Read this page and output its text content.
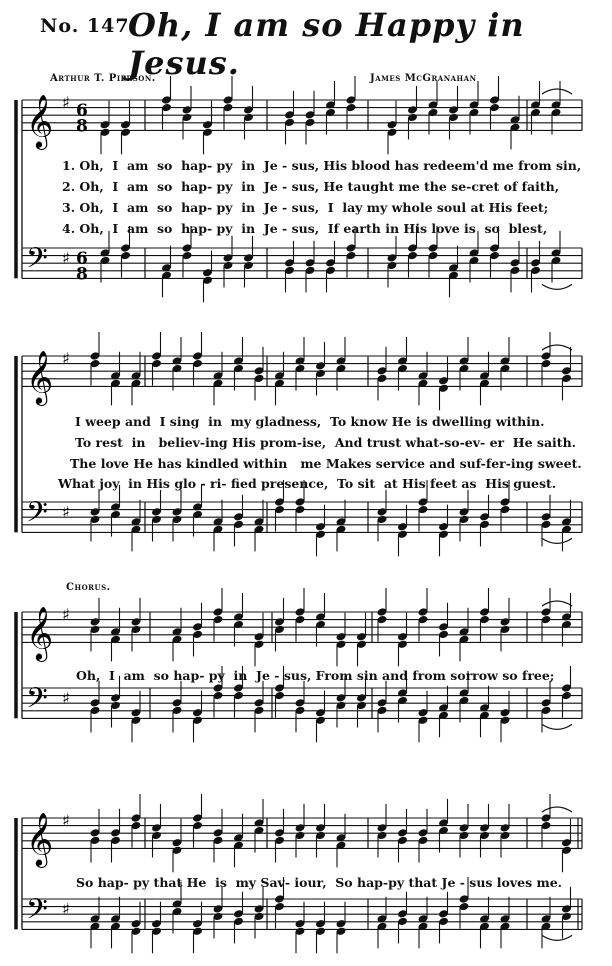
No. 147.
Oh, I am so Happy in Jesus.
Arthur T. Pierson.	James McGranahan
𝄞 ♯ 6
8
𝄢 ♯ 6
8
𝄞 ♯
𝄢 ♯
𝄞 ♯
𝄢 ♯
𝄞 ♯
𝄢 ♯
Chorus.
1. Oh,  I  am  so  hap- py  in  Je - sus, His blood has redeem'd me from sin,
2. Oh,  I  am  so  hap- py  in  Je - sus, He taught me the se-cret of faith,
3. Oh,  I  am  so  hap- py  in  Je - sus,  I  lay my whole soul at His feet;
4. Oh,  I  am  so  hap- py  in  Je - sus,  If earth in His love is  so  blest,
I weep and  I sing  in  my gladness,  To know He is dwelling within.
To rest  in   believ-ing His prom-ise,  And trust what-so-ev- er  He saith.
The love He has kindled within   me Makes service and suf-fer-ing sweet.
What joy  in His glo - ri- fied presence,  To sit  at His feet as  His guest.
Oh,  I  am  so hap- py  in  Je - sus, From sin and from sorrow so free;
So hap- py that He  is  my Sav- iour,  So hap-py that Je - sus loves me.
